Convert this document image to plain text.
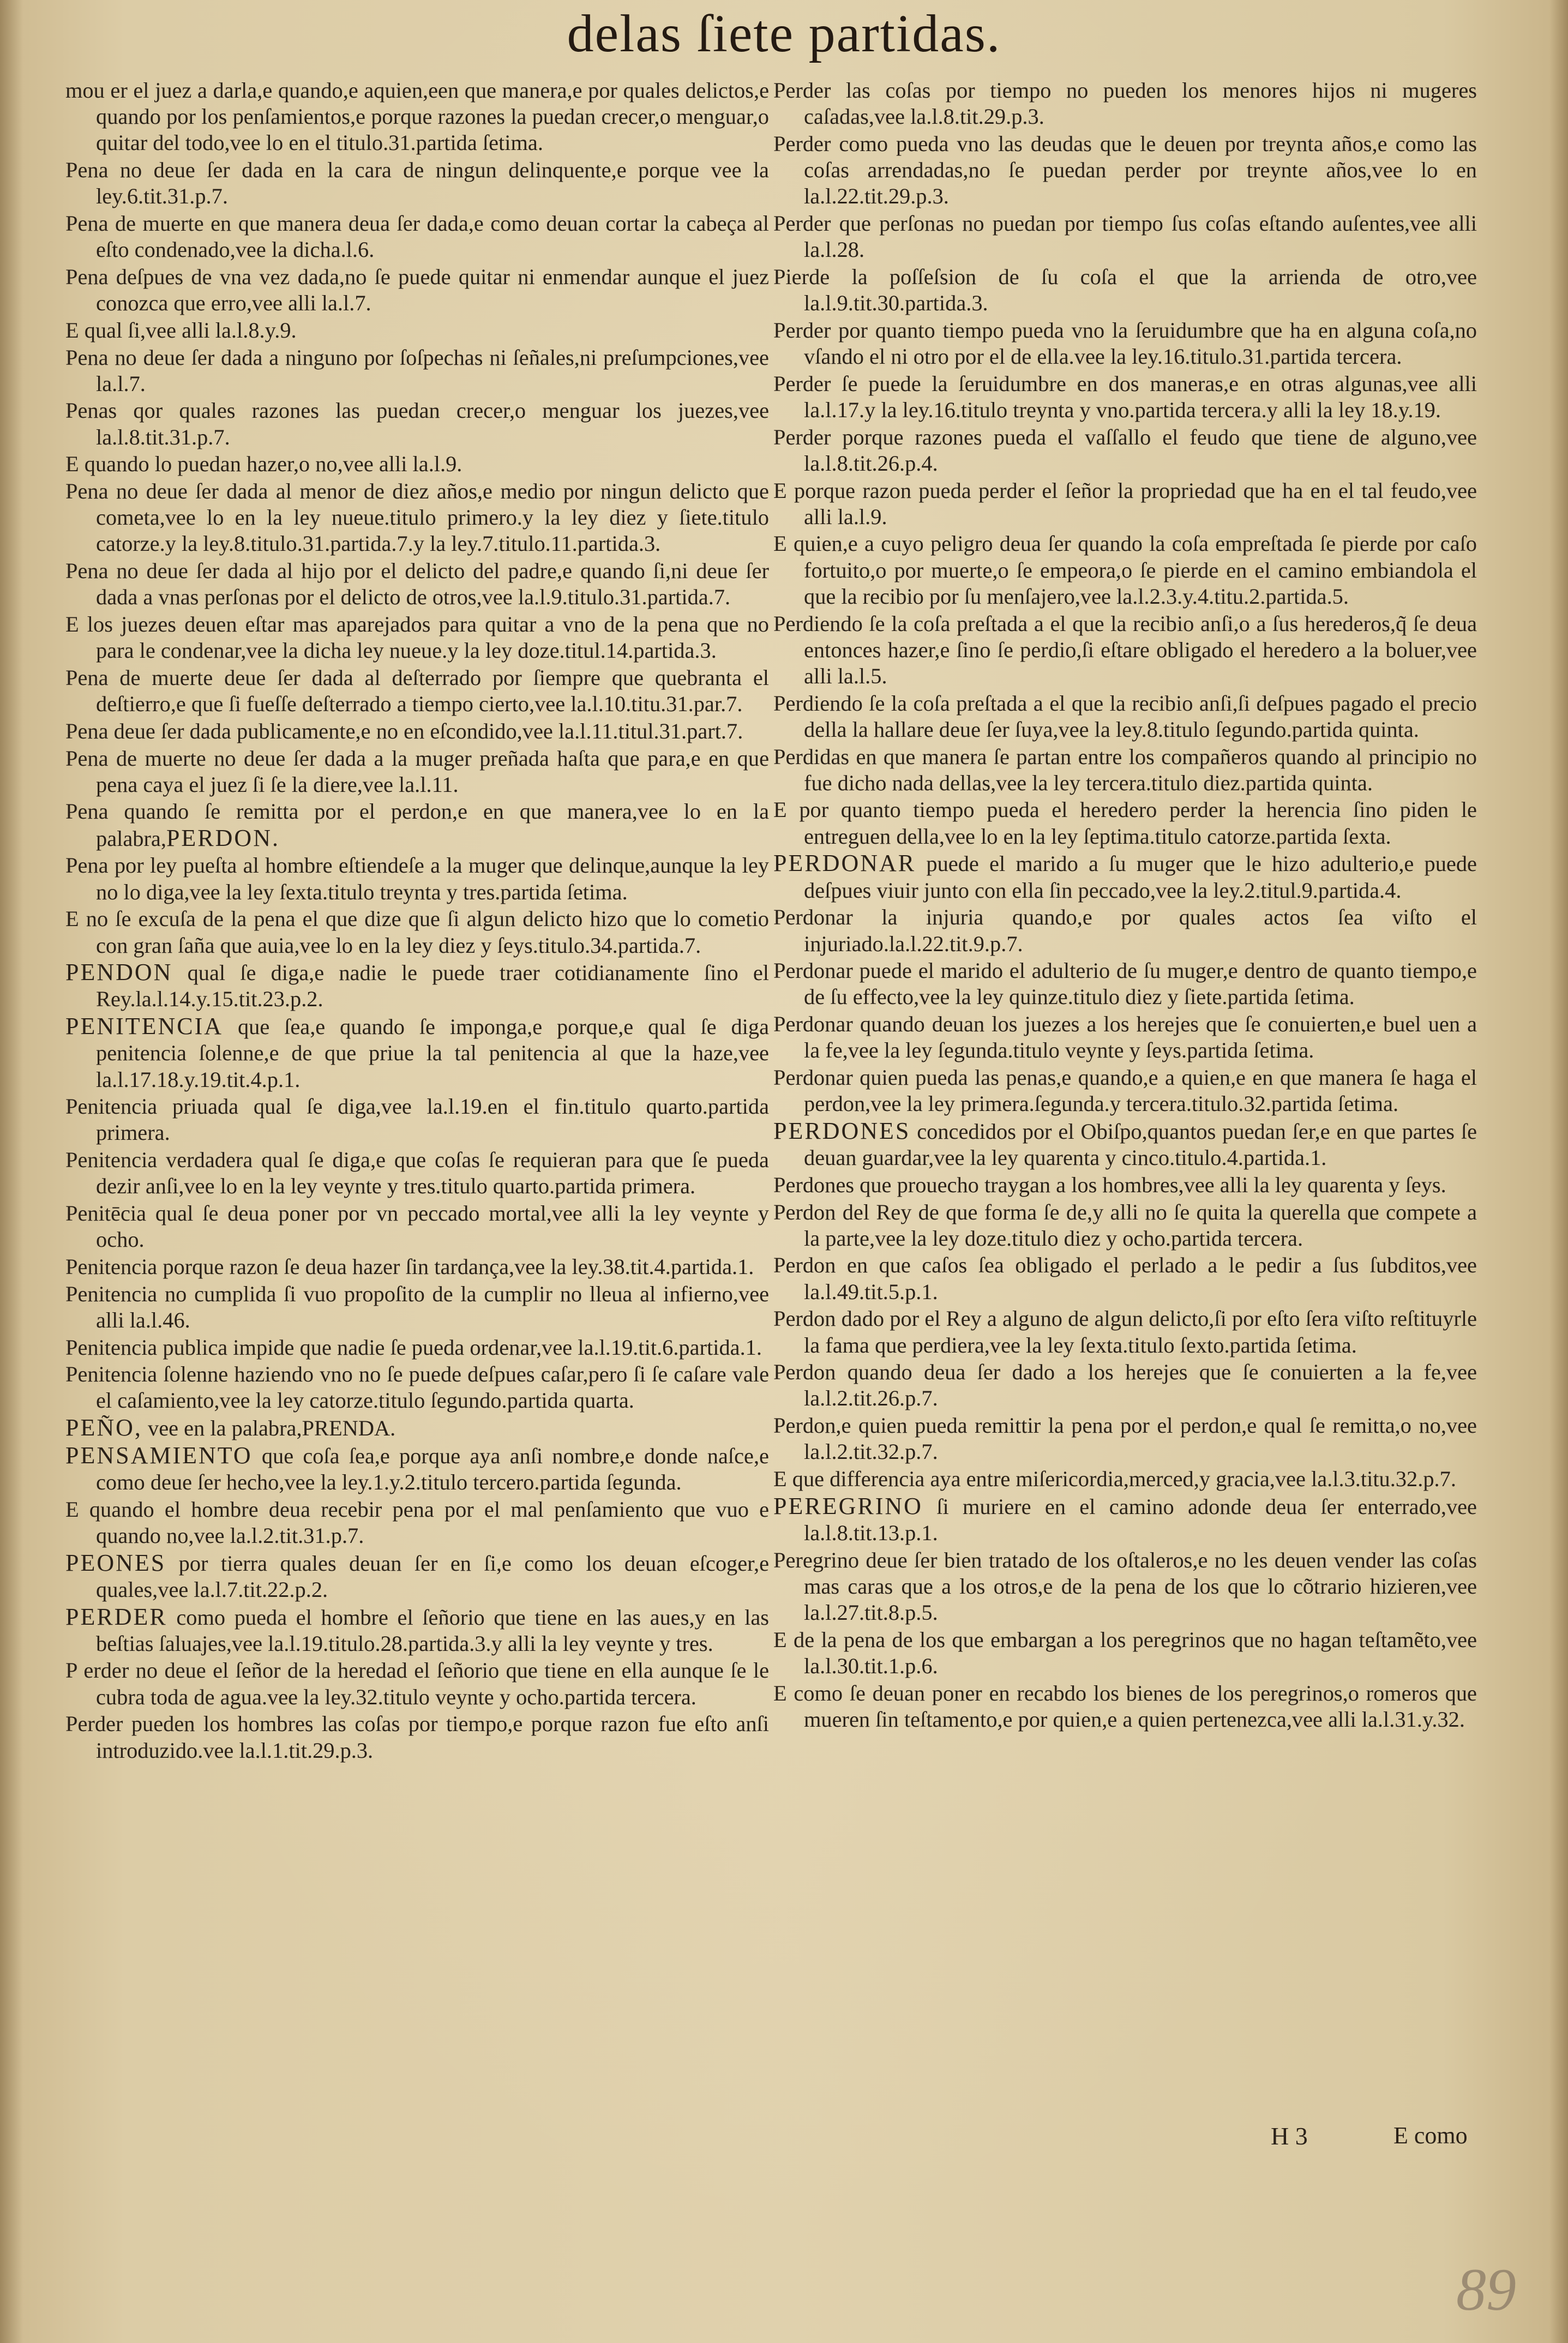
delas ſiete partidas.

mou er el juez a darla,e quando,e aquien,een que manera,e por quales delictos,e quando por los penſamientos,e porque razones la puedan crecer,o menguar,o quitar del todo,vee lo en el titulo.31.partida ſetima.

Pena no deue ſer dada en la cara de ningun delinquente,e porque vee la ley.6.tit.31.p.7.

Pena de muerte en que manera deua ſer dada,e como deuan cortar la cabeça al eſto condenado,vee la dicha.l.6.

Pena deſpues de vna vez dada,no ſe puede quitar ni enmendar aunque el juez conozca que erro,vee alli la.l.7.

E qual ſi,vee alli la.l.8.y.9.

Pena no deue ſer dada a ninguno por ſoſpechas ni ſeñales,ni preſumpciones,vee la.l.7.

Penas qor quales razones las puedan crecer,o menguar los juezes,vee la.l.8.tit.31.p.7.

E quando lo puedan hazer,o no,vee alli la.l.9.

Pena no deue ſer dada al menor de diez años,e medio por ningun delicto que cometa,vee lo en la ley nueue.titulo primero.y la ley diez y ſiete.titulo catorze.y la ley.8.titulo.31.partida.7.y la ley.7.titulo.11.partida.3.

Pena no deue ſer dada al hijo por el delicto del padre,e quando ſi,ni deue ſer dada a vnas perſonas por el delicto de otros,vee la.l.9.titulo.31.partida.7.

E los juezes deuen eſtar mas aparejados para quitar a vno de la pena que no para le condenar,vee la dicha ley nueue.y la ley doze.titul.14.partida.3.

Pena de muerte deue ſer dada al deſterrado por ſiempre que quebranta el deſtierro,e que ſi fueſſe deſterrado a tiempo cierto,vee la.l.10.titu.31.par.7.

Pena deue ſer dada publicamente,e no en eſcondido,vee la.l.11.titul.31.part.7.

Pena de muerte no deue ſer dada a la muger preñada haſta que para,e en que pena caya el juez ſi ſe la diere,vee la.l.11.

Pena quando ſe remitta por el perdon,e en que manera,vee lo en la palabra,PERDON.

Pena por ley pueſta al hombre eſtiendeſe a la muger que delinque,aunque la ley no lo diga,vee la ley ſexta.titulo treynta y tres.partida ſetima.

E no ſe excuſa de la pena el que dize que ſi algun delicto hizo que lo cometio con gran ſaña que auia,vee lo en la ley diez y ſeys.titulo.34.partida.7.

PENDON qual ſe diga,e nadie le puede traer cotidianamente ſino el Rey.la.l.14.y.15.tit.23.p.2.

PENITENCIA que ſea,e quando ſe imponga,e porque,e qual ſe diga penitencia ſolenne,e de que priue la tal penitencia al que la haze,vee la.l.17.18.y.19.tit.4.p.1.

Penitencia priuada qual ſe diga,vee la.l.19.en el fin.titulo quarto.partida primera.

Penitencia verdadera qual ſe diga,e que coſas ſe requieran para que ſe pueda dezir anſi,vee lo en la ley veynte y tres.titulo quarto.partida primera.

Penitēcia qual ſe deua poner por vn peccado mortal,vee alli la ley veynte y ocho.

Penitencia porque razon ſe deua hazer ſin tardança,vee la ley.38.tit.4.partida.1.

Penitencia no cumplida ſi vuo propoſito de la cumplir no lleua al infierno,vee alli la.l.46.

Penitencia publica impide que nadie ſe pueda ordenar,vee la.l.19.tit.6.partida.1.

Penitencia ſolenne haziendo vno no ſe puede deſpues caſar,pero ſi ſe caſare vale el caſamiento,vee la ley catorze.titulo ſegundo.partida quarta.

PEÑO, vee en la palabra,PRENDA.

PENSAMIENTO que coſa ſea,e porque aya anſi nombre,e donde naſce,e como deue ſer hecho,vee la ley.1.y.2.titulo tercero.partida ſegunda.

E quando el hombre deua recebir pena por el mal penſamiento que vuo e quando no,vee la.l.2.tit.31.p.7.

PEONES por tierra quales deuan ſer en ſi,e como los deuan eſcoger,e quales,vee la.l.7.tit.22.p.2.

PERDER como pueda el hombre el ſeñorio que tiene en las aues,y en las beſtias ſaluajes,vee la.l.19.titulo.28.partida.3.y alli la ley veynte y tres.

P erder no deue el ſeñor de la heredad el ſeñorio que tiene en ella aunque ſe le cubra toda de agua.vee la ley.32.titulo veynte y ocho.partida tercera.

Perder pueden los hombres las coſas por tiempo,e porque razon fue eſto anſi introduzido.vee la.l.1.tit.29.p.3.

Perder las coſas por tiempo no pueden los menores hijos ni mugeres caſadas,vee la.l.8.tit.29.p.3.

Perder como pueda vno las deudas que le deuen por treynta años,e como las coſas arrendadas,no ſe puedan perder por treynte años,vee lo en la.l.22.tit.29.p.3.

Perder que perſonas no puedan por tiempo ſus coſas eſtando auſentes,vee alli la.l.28.

Pierde la poſſeſsion de ſu coſa el que la arrienda de otro,vee la.l.9.tit.30.partida.3.

Perder por quanto tiempo pueda vno la ſeruidumbre que ha en alguna coſa,no vſando el ni otro por el de ella.vee la ley.16.titulo.31.partida tercera.

Perder ſe puede la ſeruidumbre en dos maneras,e en otras algunas,vee alli la.l.17.y la ley.16.titulo treynta y vno.partida tercera.y alli la ley 18.y.19.

Perder porque razones pueda el vaſſallo el feudo que tiene de alguno,vee la.l.8.tit.26.p.4.

E porque razon pueda perder el ſeñor la propriedad que ha en el tal feudo,vee alli la.l.9.

E quien,e a cuyo peligro deua ſer quando la coſa empreſtada ſe pierde por caſo fortuito,o por muerte,o ſe empeora,o ſe pierde en el camino embiandola el que la recibio por ſu menſajero,vee la.l.2.3.y.4.titu.2.partida.5.

Perdiendo ſe la coſa preſtada a el que la recibio anſi,o a ſus herederos,q̃ ſe deua entonces hazer,e ſino ſe perdio,ſi eſtare obligado el heredero a la boluer,vee alli la.l.5.

Perdiendo ſe la coſa preſtada a el que la recibio anſi,ſi deſpues pagado el precio della la hallare deue ſer ſuya,vee la ley.8.titulo ſegundo.partida quinta.

Perdidas en que manera ſe partan entre los compañeros quando al principio no fue dicho nada dellas,vee la ley tercera.titulo diez.partida quinta.

E por quanto tiempo pueda el heredero perder la herencia ſino piden le entreguen della,vee lo en la ley ſeptima.titulo catorze.partida ſexta.

PERDONAR puede el marido a ſu muger que le hizo adulterio,e puede deſpues viuir junto con ella ſin peccado,vee la ley.2.titul.9.partida.4.

Perdonar la injuria quando,e por quales actos ſea viſto el injuriado.la.l.22.tit.9.p.7.

Perdonar puede el marido el adulterio de ſu muger,e dentro de quanto tiempo,e de ſu effecto,vee la ley quinze.titulo diez y ſiete.partida ſetima.

Perdonar quando deuan los juezes a los herejes que ſe conuierten,e buel uen a la fe,vee la ley ſegunda.titulo veynte y ſeys.partida ſetima.

Perdonar quien pueda las penas,e quando,e a quien,e en que manera ſe haga el perdon,vee la ley primera.ſegunda.y tercera.titulo.32.partida ſetima.

PERDONES concedidos por el Obiſpo,quantos puedan ſer,e en que partes ſe deuan guardar,vee la ley quarenta y cinco.titulo.4.partida.1.

Perdones que prouecho traygan a los hombres,vee alli la ley quarenta y ſeys.

Perdon del Rey de que forma ſe de,y alli no ſe quita la querella que compete a la parte,vee la ley doze.titulo diez y ocho.partida tercera.

Perdon en que caſos ſea obligado el perlado a le pedir a ſus ſubditos,vee la.l.49.tit.5.p.1.

Perdon dado por el Rey a alguno de algun delicto,ſi por eſto ſera viſto reſtituyrle la fama que perdiera,vee la ley ſexta.titulo ſexto.partida ſetima.

Perdon quando deua ſer dado a los herejes que ſe conuierten a la fe,vee la.l.2.tit.26.p.7.

Perdon,e quien pueda remittir la pena por el perdon,e qual ſe remitta,o no,vee la.l.2.tit.32.p.7.

E que differencia aya entre miſericordia,merced,y gracia,vee la.l.3.titu.32.p.7.

PEREGRINO ſi muriere en el camino adonde deua ſer enterrado,vee la.l.8.tit.13.p.1.

Peregrino deue ſer bien tratado de los oſtaleros,e no les deuen vender las coſas mas caras que a los otros,e de la pena de los que lo cõtrario hizieren,vee la.l.27.tit.8.p.5.

E de la pena de los que embargan a los peregrinos que no hagan teſtamẽto,vee la.l.30.tit.1.p.6.

E como ſe deuan poner en recabdo los bienes de los peregrinos,o romeros que mueren ſin teſtamento,e por quien,e a quien pertenezca,vee alli la.l.31.y.32.

H 3	E como
89
